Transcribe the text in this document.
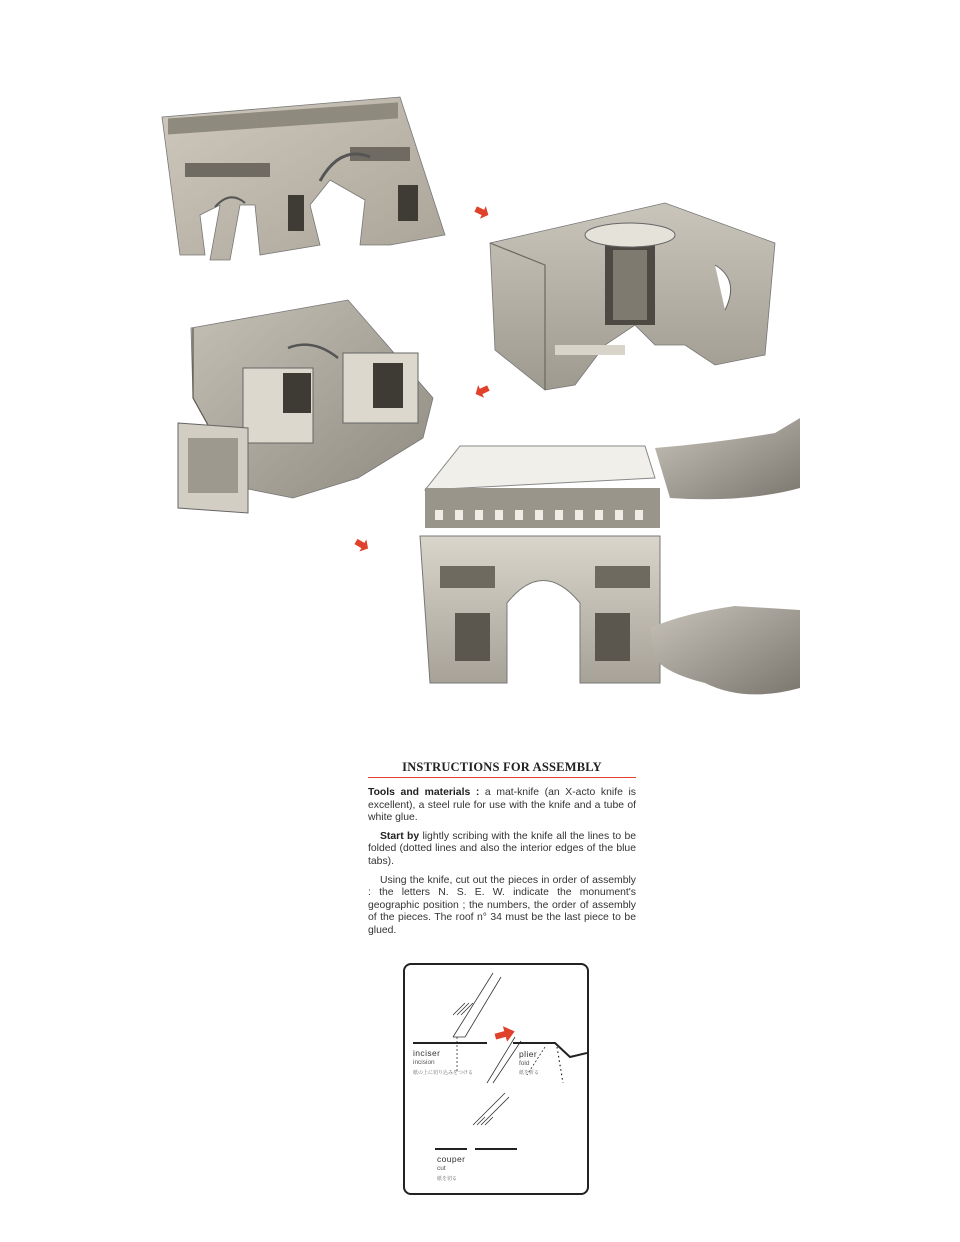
INSTRUCTIONS FOR ASSEMBLY

Tools and materials : a mat-knife (an X-acto knife is excellent), a steel rule for use with the knife and a tube of white glue.

Start by lightly scribing with the knife all the lines to be folded (dotted lines and also the interior edges of the blue tabs).

Using the knife, cut out the pieces in order of assembly : the letters N. S. E. W. indicate the monument's geographic position ; the numbers, the order of assembly of the pieces. The roof n° 34 must be the last piece to be glued.

inciser
incision
紙の上に切り込みをつける
plier
fold
紙を折る
couper
cut
紙を切る
